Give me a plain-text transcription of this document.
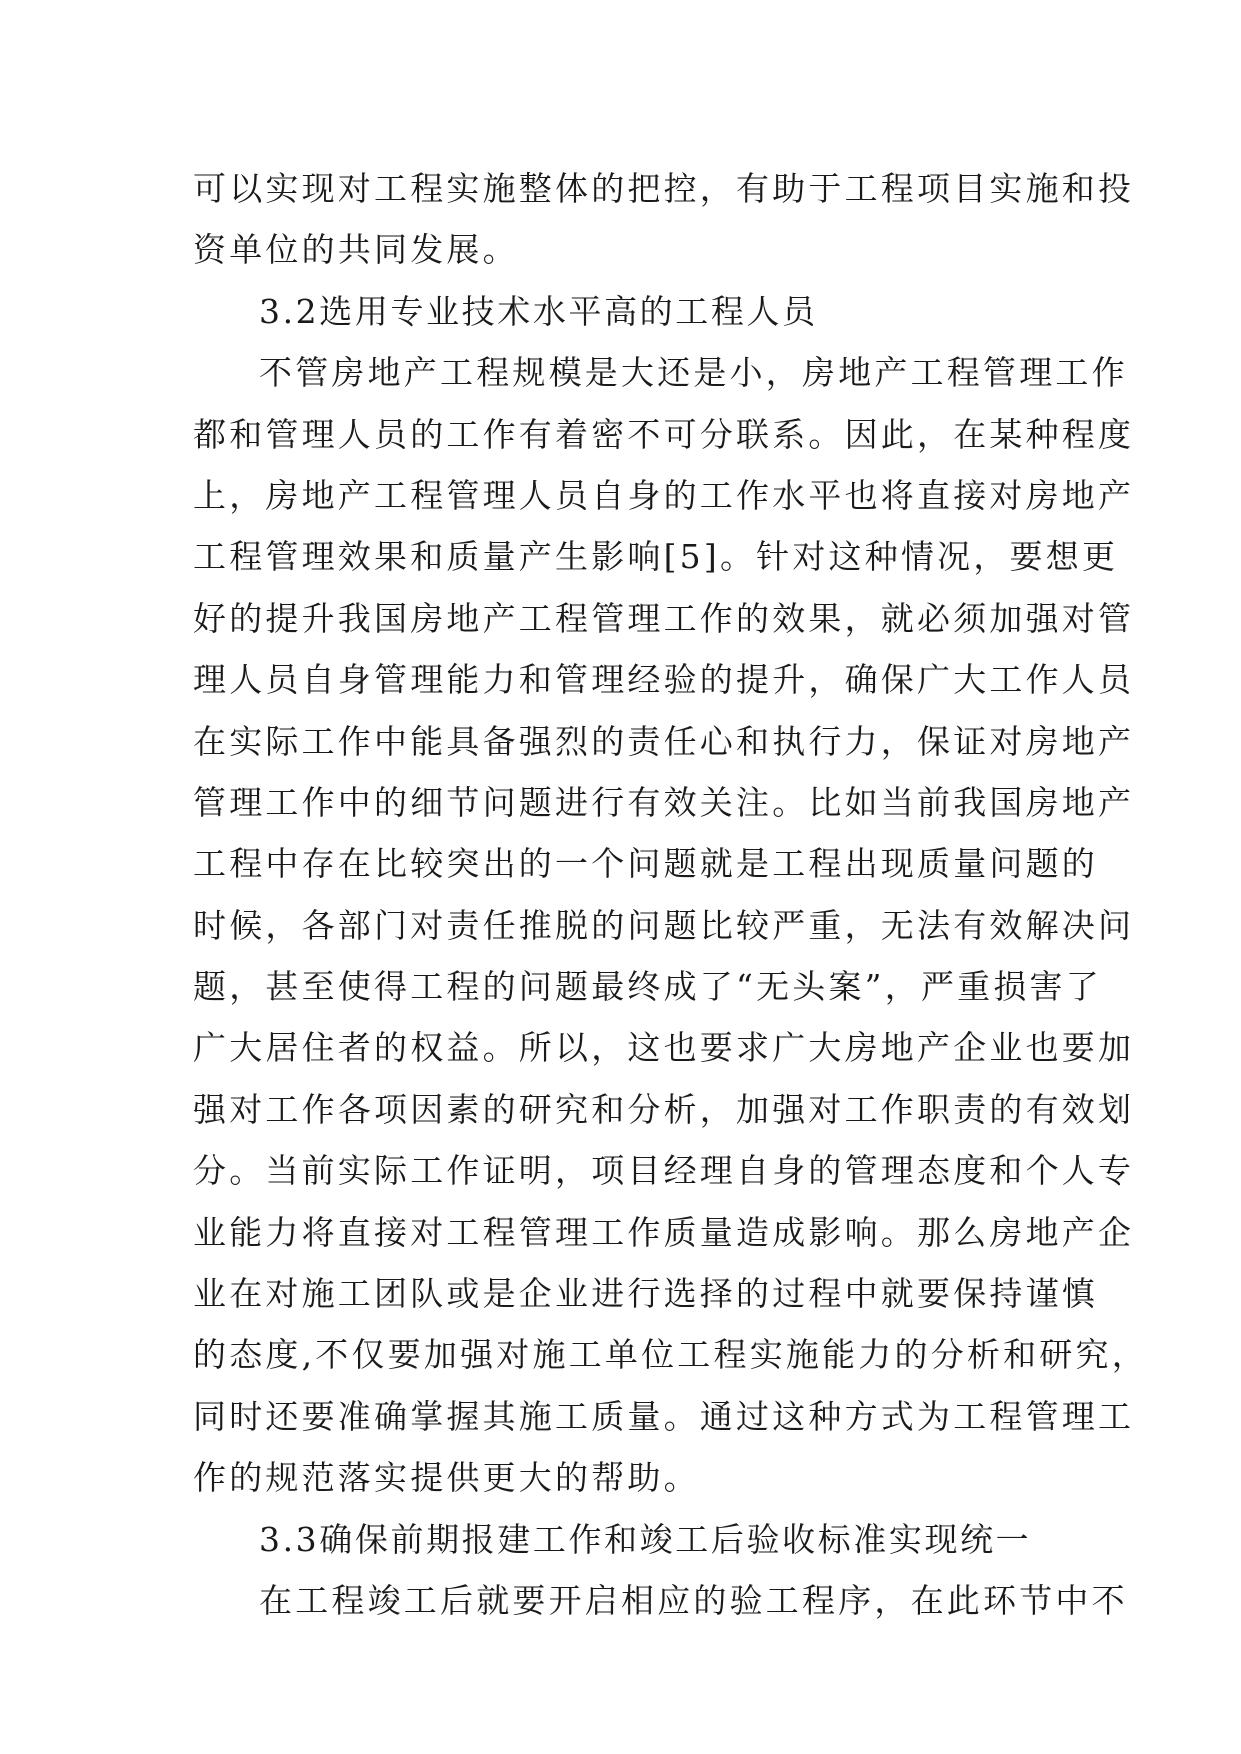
可以实现对工程实施整体的把控，有助于工程项目实施和投
资单位的共同发展。
3.2选用专业技术水平高的工程人员
不管房地产工程规模是大还是小，房地产工程管理工作
都和管理人员的工作有着密不可分联系。因此，在某种程度
上，房地产工程管理人员自身的工作水平也将直接对房地产
工程管理效果和质量产生影响[5]。针对这种情况，要想更
好的提升我国房地产工程管理工作的效果，就必须加强对管
理人员自身管理能力和管理经验的提升，确保广大工作人员
在实际工作中能具备强烈的责任心和执行力，保证对房地产
管理工作中的细节问题进行有效关注。比如当前我国房地产
工程中存在比较突出的一个问题就是工程出现质量问题的
时候，各部门对责任推脱的问题比较严重，无法有效解决问
题，甚至使得工程的问题最终成了“无头案”，严重损害了
广大居住者的权益。所以，这也要求广大房地产企业也要加
强对工作各项因素的研究和分析，加强对工作职责的有效划
分。当前实际工作证明，项目经理自身的管理态度和个人专
业能力将直接对工程管理工作质量造成影响。那么房地产企
业在对施工团队或是企业进行选择的过程中就要保持谨慎
的态度,不仅要加强对施工单位工程实施能力的分析和研究，
同时还要准确掌握其施工质量。通过这种方式为工程管理工
作的规范落实提供更大的帮助。
3.3确保前期报建工作和竣工后验收标准实现统一
在工程竣工后就要开启相应的验工程序，在此环节中不
